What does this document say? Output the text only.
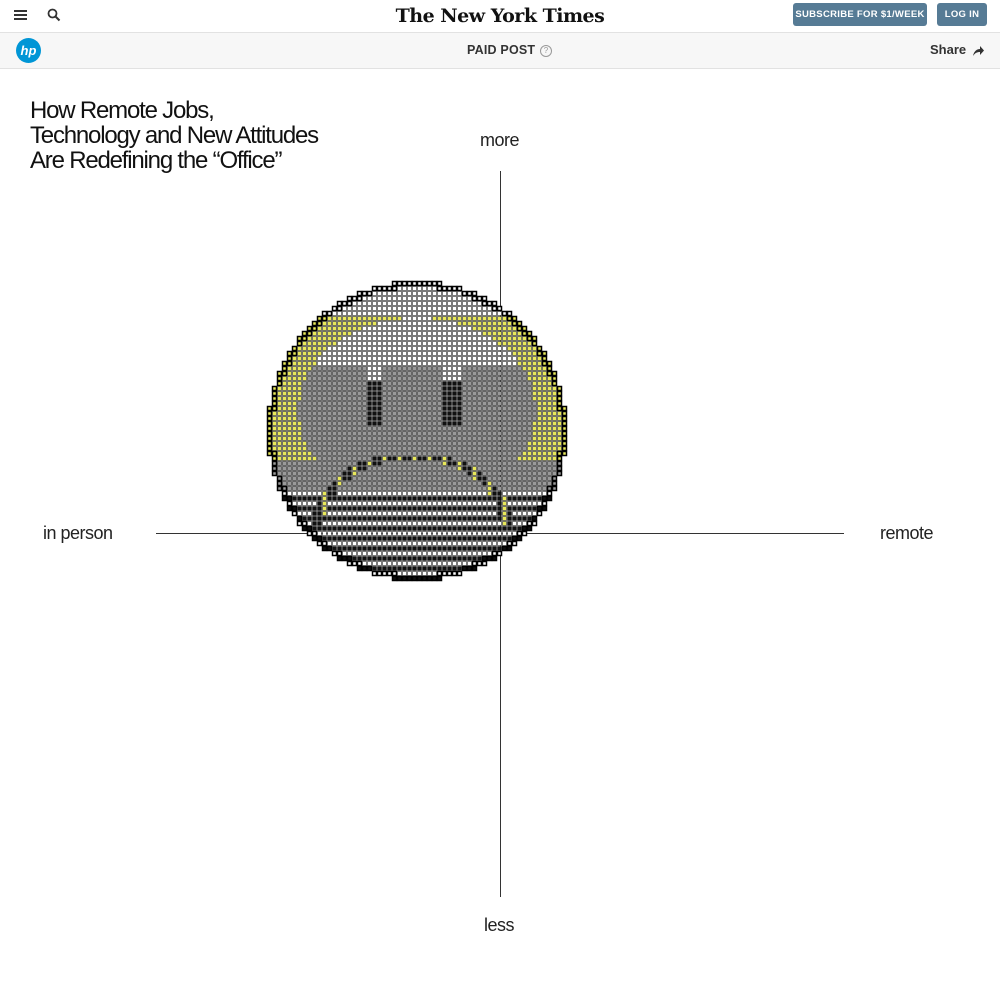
The New York Times	SUBSCRIBE FOR $1/WEEK	LOG IN
hp	PAID POST	?	Share
How Remote Jobs,
Technology and New Attitudes
Are Redefining the “Office”
more
less
in person	remote
